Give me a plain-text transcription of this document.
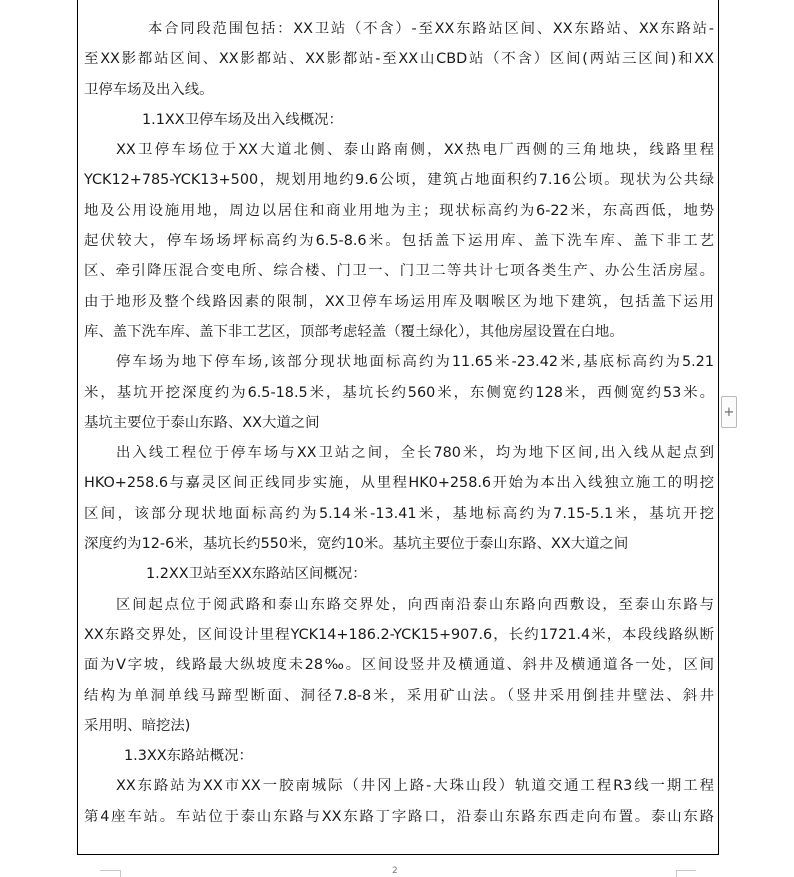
本合同段范围包括：XX卫站（不含）-至XX东路站区间、XX东路站、XX东路站-
至XX影都站区间、XX影都站、XX影都站-至XX山CBD站（不含）区间(两站三区间)和XX
卫停车场及出入线。
1.1XX卫停车场及出入线概况：
XX卫停车场位于XX大道北侧、泰山路南侧，XX热电厂西侧的三角地块，线路里程
YCK12+785-YCK13+500，规划用地约9.6公顷，建筑占地面积约7.16公顷。现状为公共绿
地及公用设施用地，周边以居住和商业用地为主；现状标高约为6-22米，东高西低，地势
起伏较大，停车场场坪标高约为6.5-8.6米。包括盖下运用库、盖下洗车库、盖下非工艺
区、牵引降压混合变电所、综合楼、门卫一、门卫二等共计七项各类生产、办公生活房屋。
由于地形及整个线路因素的限制，XX卫停车场运用库及咽喉区为地下建筑，包括盖下运用
库、盖下洗车库、盖下非工艺区，顶部考虑轻盖（覆土绿化），其他房屋设置在白地。
停车场为地下停车场,该部分现状地面标高约为11.65米-23.42米,基底标高约为5.21
米，基坑开挖深度约为6.5-18.5米，基坑长约560米，东侧宽约128米，西侧宽约53米。
基坑主要位于泰山东路、XX大道之间
出入线工程位于停车场与XX卫站之间，全长780米，均为地下区间,出入线从起点到
HKO+258.6与嘉灵区间正线同步实施，从里程HK0+258.6开始为本出入线独立施工的明挖
区间，该部分现状地面标高约为5.14米-13.41米，基地标高约为7.15-5.1米，基坑开挖
深度约为12-6米，基坑长约550米，宽约10米。基坑主要位于泰山东路、XX大道之间
1.2XX卫站至XX东路站区间概况：
区间起点位于阅武路和泰山东路交界处，向西南沿泰山东路向西敷设，至泰山东路与
XX东路交界处，区间设计里程YCK14+186.2-YCK15+907.6，长约1721.4米，本段线路纵断
面为V字坡，线路最大纵坡度未28‰。区间设竖井及横通道、斜井及横通道各一处，区间
结构为单洞单线马蹄型断面、洞径7.8-8米，采用矿山法。（竖井采用倒挂井壁法、斜井
采用明、暗挖法)
1.3XX东路站概况：
XX东路站为XX市XX一胶南城际（井冈上路-大珠山段）轨道交通工程R3线一期工程
第4座车站。车站位于泰山东路与XX东路丁字路口，沿泰山东路东西走向布置。泰山东路
+
2
